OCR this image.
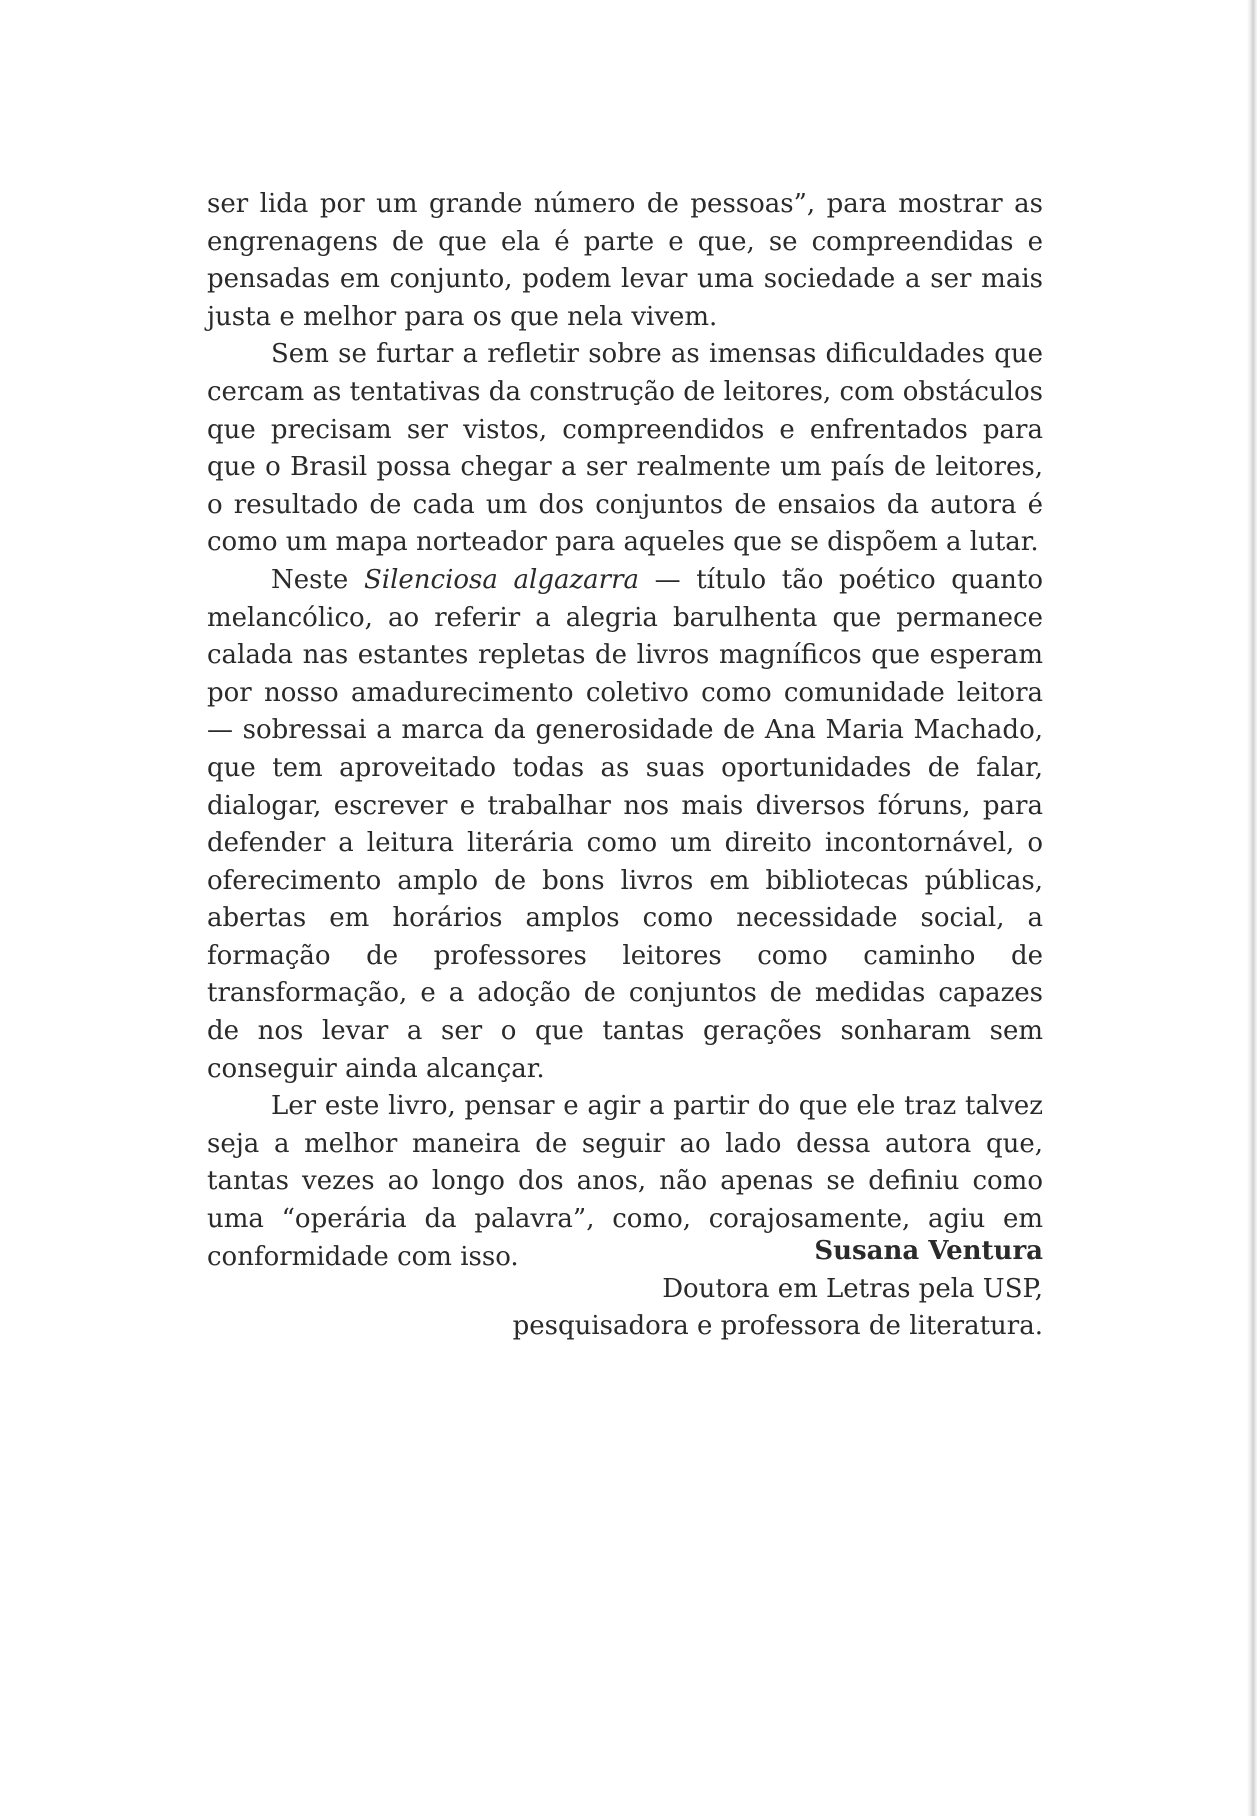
ser lida por um grande número de pessoas”, para mostrar as engrenagens de que ela é parte e que, se compreendidas e pensadas em conjunto, podem levar uma sociedade a ser mais justa e melhor para os que nela vivem.

Sem se furtar a refletir sobre as imensas dificuldades que cercam as tentativas da construção de leitores, com obstáculos que precisam ser vistos, compreendidos e enfrentados para que o Brasil possa chegar a ser realmente um país de leitores, o resultado de cada um dos conjuntos de ensaios da autora é como um mapa norteador para aqueles que se dispõem a lutar.

Neste Silenciosa algazarra — título tão poético quanto melancólico, ao referir a alegria barulhenta que permanece calada nas estantes repletas de livros magníficos que esperam por nosso amadurecimento coletivo como comunidade leitora — sobressai a marca da generosidade de Ana Maria Machado, que tem aproveitado todas as suas oportunidades de falar, dialogar, escrever e trabalhar nos mais diversos fóruns, para defender a leitura literária como um direito incontornável, o oferecimento amplo de bons livros em bibliotecas públicas, abertas em horários amplos como necessidade social, a formação de professores leitores como caminho de transformação, e a adoção de conjuntos de medidas capazes de nos levar a ser o que tantas gerações sonharam sem conseguir ainda alcançar.

Ler este livro, pensar e agir a partir do que ele traz talvez seja a melhor maneira de seguir ao lado dessa autora que, tantas vezes ao longo dos anos, não apenas se definiu como uma “operária da palavra”, como, corajosamente, agiu em conformidade com isso.	Susana Ventura
Doutora em Letras pela USP,
pesquisadora e professora de literatura.
